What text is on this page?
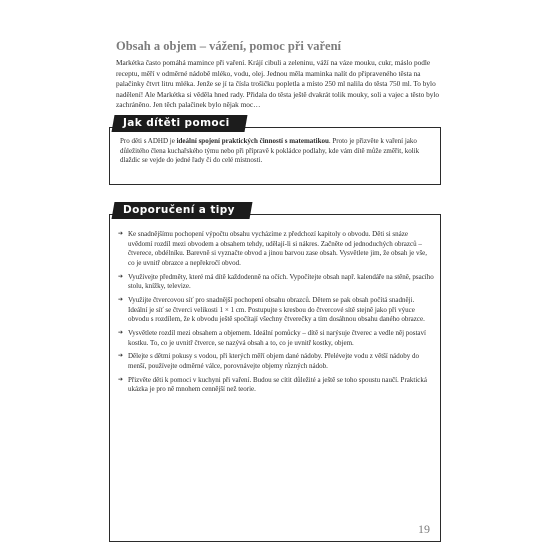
Obsah a objem – vážení, pomoc při vaření

Markétka často pomáhá mamince při vaření. Krájí cibuli a zeleninu, váží na váze mouku, cukr, máslo podle receptu, měří v odměrné nádobě mléko, vodu, olej. Jednou měla maminka nalít do připraveného těsta na palačinky čtvrt litru mléka. Jenže se jí ta čísla trošičku popletla a místo 250 ml nalila do těsta 750 ml. To bylo nadělení! Ale Markétka si věděla hned rady. Přidala do těsta ještě dvakrát tolik mouky, soli a vajec a těsto bylo zachráněno. Jen těch palačinek bylo nějak moc…

Jak dítěti pomoci

Pro děti s ADHD je ideální spojení praktických činností s matematikou. Proto je přizvěte k vaření jako důležitého člena kuchařského týmu nebo při přípravě k pokládce podlahy, kde vám dítě může změřit, kolik dlaždic se vejde do jedné řady či do celé místnosti.

Doporučení a tipy
➔ Ke snadnějšímu pochopení výpočtu obsahu vycházíme z předchozí kapitoly o obvodu. Děti si snáze uvědomí rozdíl mezi obvodem a obsahem tehdy, udělají-li si nákres. Začněte od jednoduchých obrazců – čtverece, obdélníku. Barevně si vyznačte obvod a jinou barvou zase obsah. Vysvětlete jim, že obsah je vše, co je uvnitř obrazce a nepřekročí obvod.
➔ Využívejte předměty, které má dítě každodenně na očích. Vypočítejte obsah např. kalendáře na stěně, psacího stolu, knížky, televize.
➔ Využijte čtvercovou síť pro snadnější pochopení obsahu obrazců. Dětem se pak obsah počítá snadněji. Ideální je síť se čtverci velikosti 1 × 1 cm. Postupujte s kresbou do čtvercové sítě stejně jako při výuce obvodu s rozdílem, že k obvodu ještě spočítají všechny čtverečky a tím dosáhnou obsahu daného obrazce.
➔ Vysvětlete rozdíl mezi obsahem a objemem. Ideální pomůcky – dítě si narýsuje čtverec a vedle něj postaví kostku. To, co je uvnitř čtverce, se nazývá obsah a to, co je uvnitř kostky, objem.
➔ Dělejte s dětmi pokusy s vodou, při kterých měří objem dané nádoby. Přelévejte vodu z větší nádoby do menší, používejte odměrné válce, porovnávejte objemy různých nádob.
➔ Přizvěte děti k pomoci v kuchyni při vaření. Budou se cítit důležité a ještě se toho spoustu naučí. Praktická ukázka je pro ně mnohem cennější než teorie.

19
